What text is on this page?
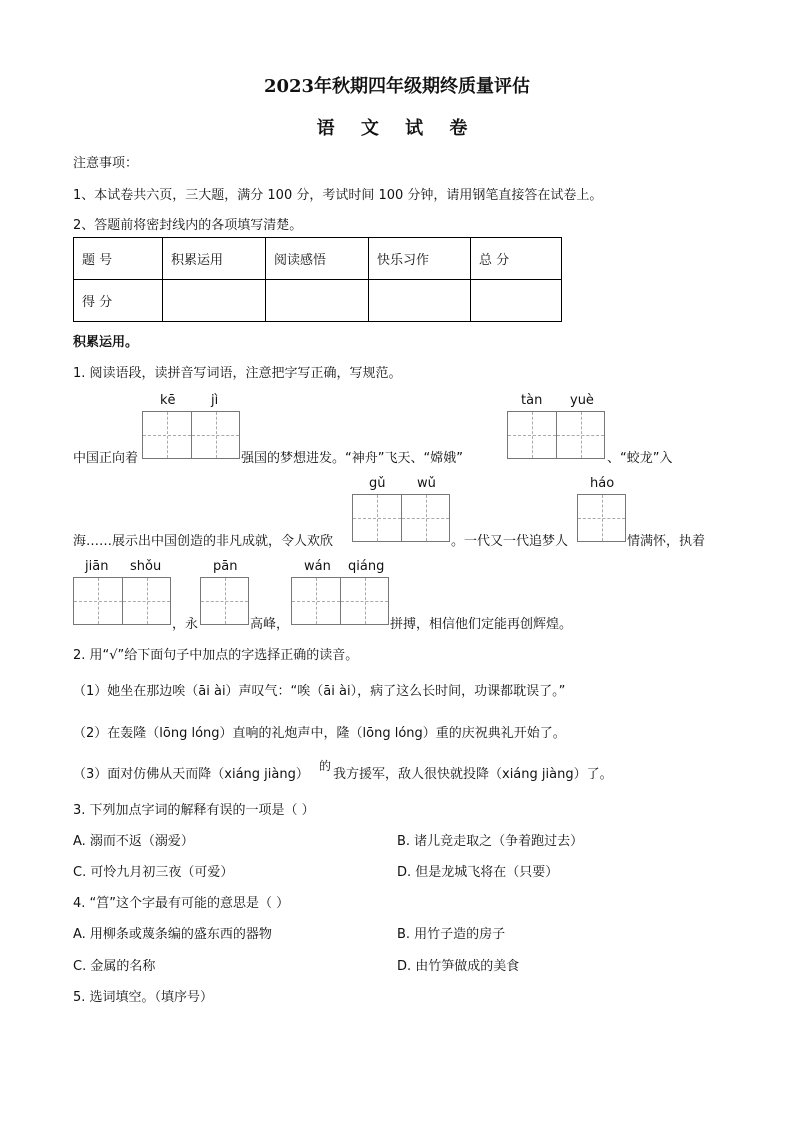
2023年秋期四年级期终质量评估
语 文 试 卷
注意事项：
1、本试卷共六页，三大题，满分 100 分，考试时间 100 分钟，请用钢笔直接答在试卷上。
2、答题前将密封线内的各项填写清楚。
题 号	积累运用	阅读感悟	快乐习作	总 分
得 分				
积累运用。
1. 阅读语段，读拼音写词语，注意把字写正确，写规范。
kē	jì	tàn yuè
中国正向着	强国的梦想进发。“神舟”飞天、“嫦娥”	、“蛟龙”入
gǔ wǔ	háo
海……展示出中国创造的非凡成就，令人欢欣	。一代又一代追梦人	情满怀，执着
jiān shǒu	pān	wán qiáng
，永	高峰，	拼搏，相信他们定能再创辉煌。
2. 用“√”给下面句子中加点的字选择正确的读音。
（1）她坐在那边唉（āi ài）声叹气：“唉（āi ài），病了这么长时间，功课都耽误了。”
（2）在轰隆（lōng lóng）直响的礼炮声中，隆（lōng lóng）重的庆祝典礼开始了。
（3）面对仿佛从天而降（xiáng jiàng）
的
我方援军，敌人很快就投降（xiáng jiàng）了。
3. 下列加点字词的解释有误的一项是（ ）
A. 溺而不返（溺爱）	B. 诸儿竞走取之（争着跑过去）
C. 可怜九月初三夜（可爱）	D. 但是龙城飞将在（只要）
4. “筥”这个字最有可能的意思是（ ）
A. 用柳条或蔑条编的盛东西的器物	B. 用竹子造的房子
C. 金属的名称	D. 由竹笋做成的美食
5. 选词填空。（填序号）
